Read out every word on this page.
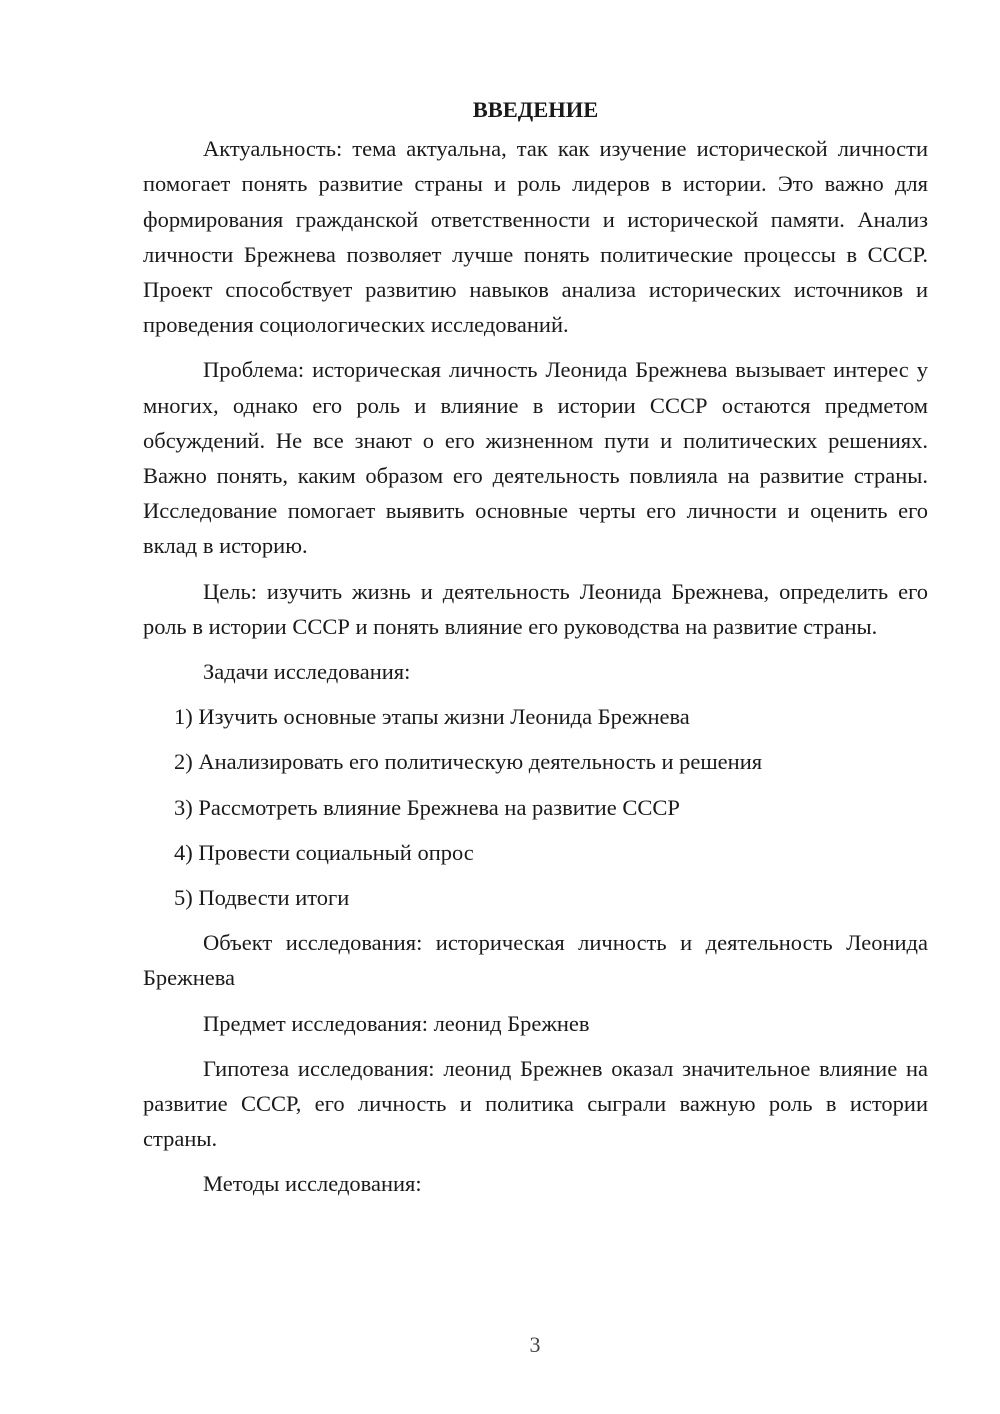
ВВЕДЕНИЕ

Актуальность: тема актуальна, так как изучение исторической личности помогает понять развитие страны и роль лидеров в истории. Это важно для формирования гражданской ответственности и исторической памяти. Анализ личности Брежнева позволяет лучше понять политические процессы в СССР. Проект способствует развитию навыков анализа исторических источников и проведения социологических исследований.

Проблема: историческая личность Леонида Брежнева вызывает интерес у многих, однако его роль и влияние в истории СССР остаются предметом обсуждений. Не все знают о его жизненном пути и политических решениях. Важно понять, каким образом его деятельность повлияла на развитие страны. Исследование помогает выявить основные черты его личности и оценить его вклад в историю.

Цель: изучить жизнь и деятельность Леонида Брежнева, определить его роль в истории СССР и понять влияние его руководства на развитие страны.

Задачи исследования:

1) Изучить основные этапы жизни Леонида Брежнева
2) Анализировать его политическую деятельность и решения
3) Рассмотреть влияние Брежнева на развитие СССР
4) Провести социальный опрос
5) Подвести итоги

Объект исследования: историческая личность и деятельность Леонида Брежнева

Предмет исследования: леонид Брежнев

Гипотеза исследования: леонид Брежнев оказал значительное влияние на развитие СССР, его личность и политика сыграли важную роль в истории страны.

Методы исследования:

3
